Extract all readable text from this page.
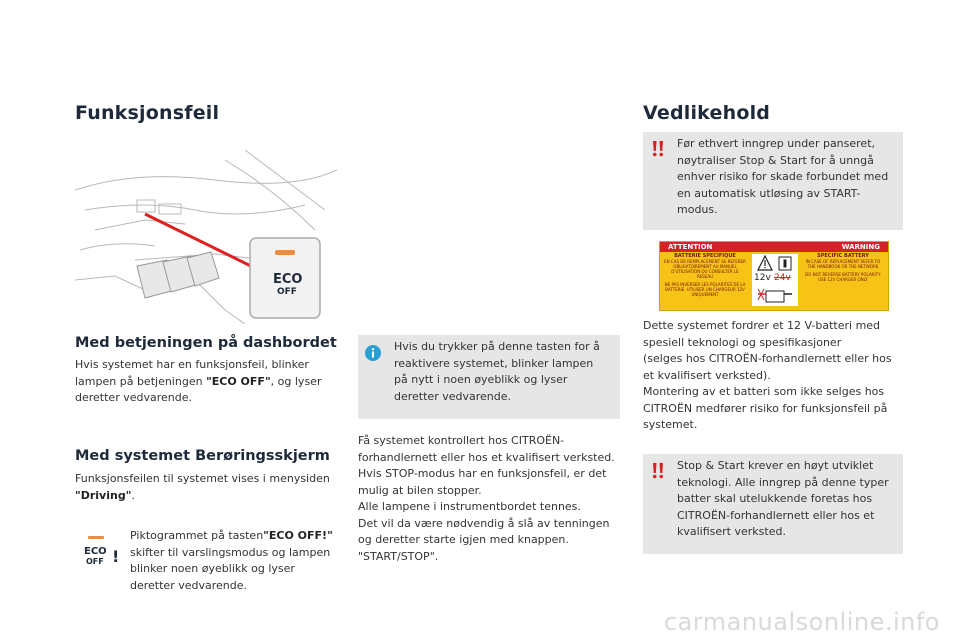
Funksjonsfeil
ECO
OFF
Med betjeningen på dashbordet
Hvis systemet har en funksjonsfeil, blinker lampen på betjeningen "ECO OFF", og lyser deretter vedvarende.
Med systemet Berøringsskjerm
Funksjonsfeilen til systemet vises i menysiden "Driving".
ECO
OFF !
Piktogrammet på tasten"ECO OFF!" skifter til varslingsmodus og lampen blinker noen øyeblikk og lyser deretter vedvarende.
Hvis du trykker på denne tasten for å reaktivere systemet, blinker lampen på nytt i noen øyeblikk og lyser deretter vedvarende.

Få systemet kontrollert hos CITROËN-forhandlernett eller hos et kvalifisert verksted.

Hvis STOP-modus har en funksjonsfeil, er det mulig at bilen stopper.

Alle lampene i instrumentbordet tennes.

Det vil da være nødvendig å slå av tenningen og deretter starte igjen med knappen. "START/STOP".

Vedlikehold
Før ethvert inngrep under panseret, nøytraliser Stop & Start for å unngå enhver risiko for skade forbundet med en automatisk utløsing av START-modus.
ATTENTION	WARNING
BATTERIE SPECIFIQUE
EN CAS DE REMPLACEMENT SE REFERER OBLIGATOIREMENT AU MANUEL D'UTILISATION OU CONSULTER LE RESEAU
NE PAS INVERSER LES POLARITES DE LA BATTERIE. UTILISER UN CHARGEUR 12V UNIQUEMENT
SPECIFIC BATTERY
IN CASE OF REPLACEMENT REFER TO THE HANDBOOK OR THE NETWORK
DO NOT REVERSE BATTERY POLARITY. USE 12V CHARGER ONLY
12v 24v

Dette systemet fordrer et 12 V-batteri med spesiell teknologi og spesifikasjoner

(selges hos CITROËN-forhandlernett eller hos et kvalifisert verksted).

Montering av et batteri som ikke selges hos CITROËN medfører risiko for funksjonsfeil på systemet.

Stop & Start krever en høyt utviklet teknologi. Alle inngrep på denne typer batter skal utelukkende foretas hos CITROËN-forhandlernett eller hos et kvalifisert verksted.
carmanualsonline.info
